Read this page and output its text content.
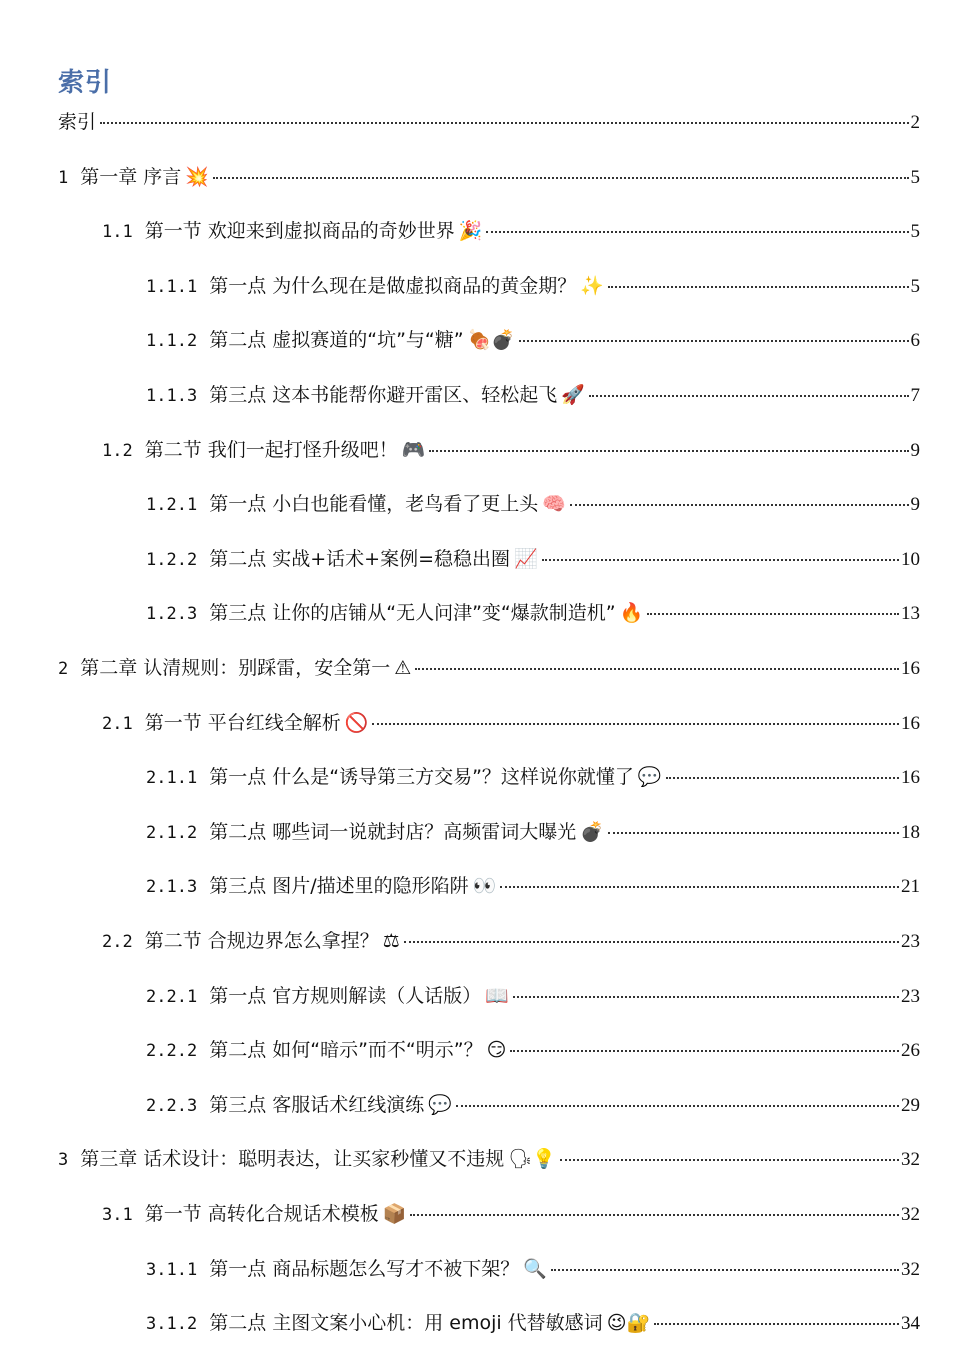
索引
索引	2
1 第一章 序言 💥	5
1.1 第一节 欢迎来到虚拟商品的奇妙世界 🎉	5
1.1.1 第一点 为什么现在是做虚拟商品的黄金期？ ✨	5
1.1.2 第二点 虚拟赛道的“坑”与“糖” 🍖💣	6
1.1.3 第三点 这本书能帮你避开雷区、轻松起飞 🚀	7
1.2 第二节 我们一起打怪升级吧！ 🎮	9
1.2.1 第一点 小白也能看懂，老鸟看了更上头 🧠	9
1.2.2 第二点 实战+话术+案例=稳稳出圈 📈	10
1.2.3 第三点 让你的店铺从“无人问津”变“爆款制造机” 🔥	13
2 第二章 认清规则：别踩雷，安全第一 ⚠	16
2.1 第一节 平台红线全解析 🚫	16
2.1.1 第一点 什么是“诱导第三方交易”？这样说你就懂了 💬	16
2.1.2 第二点 哪些词一说就封店？高频雷词大曝光 💣	18
2.1.3 第三点 图片/描述里的隐形陷阱 👀	21
2.2 第二节 合规边界怎么拿捏？ ⚖	23
2.2.1 第一点 官方规则解读（人话版） 📖	23
2.2.2 第二点 如何“暗示”而不“明示”？ 😏	26
2.2.3 第三点 客服话术红线演练 💬	29
3 第三章 话术设计：聪明表达，让买家秒懂又不违规 🗣💡	32
3.1 第一节 高转化合规话术模板 📦	32
3.1.1 第一点 商品标题怎么写才不被下架？ 🔍	32
3.1.2 第二点 主图文案小心机：用 emoji 代替敏感词 😉🔐	34
